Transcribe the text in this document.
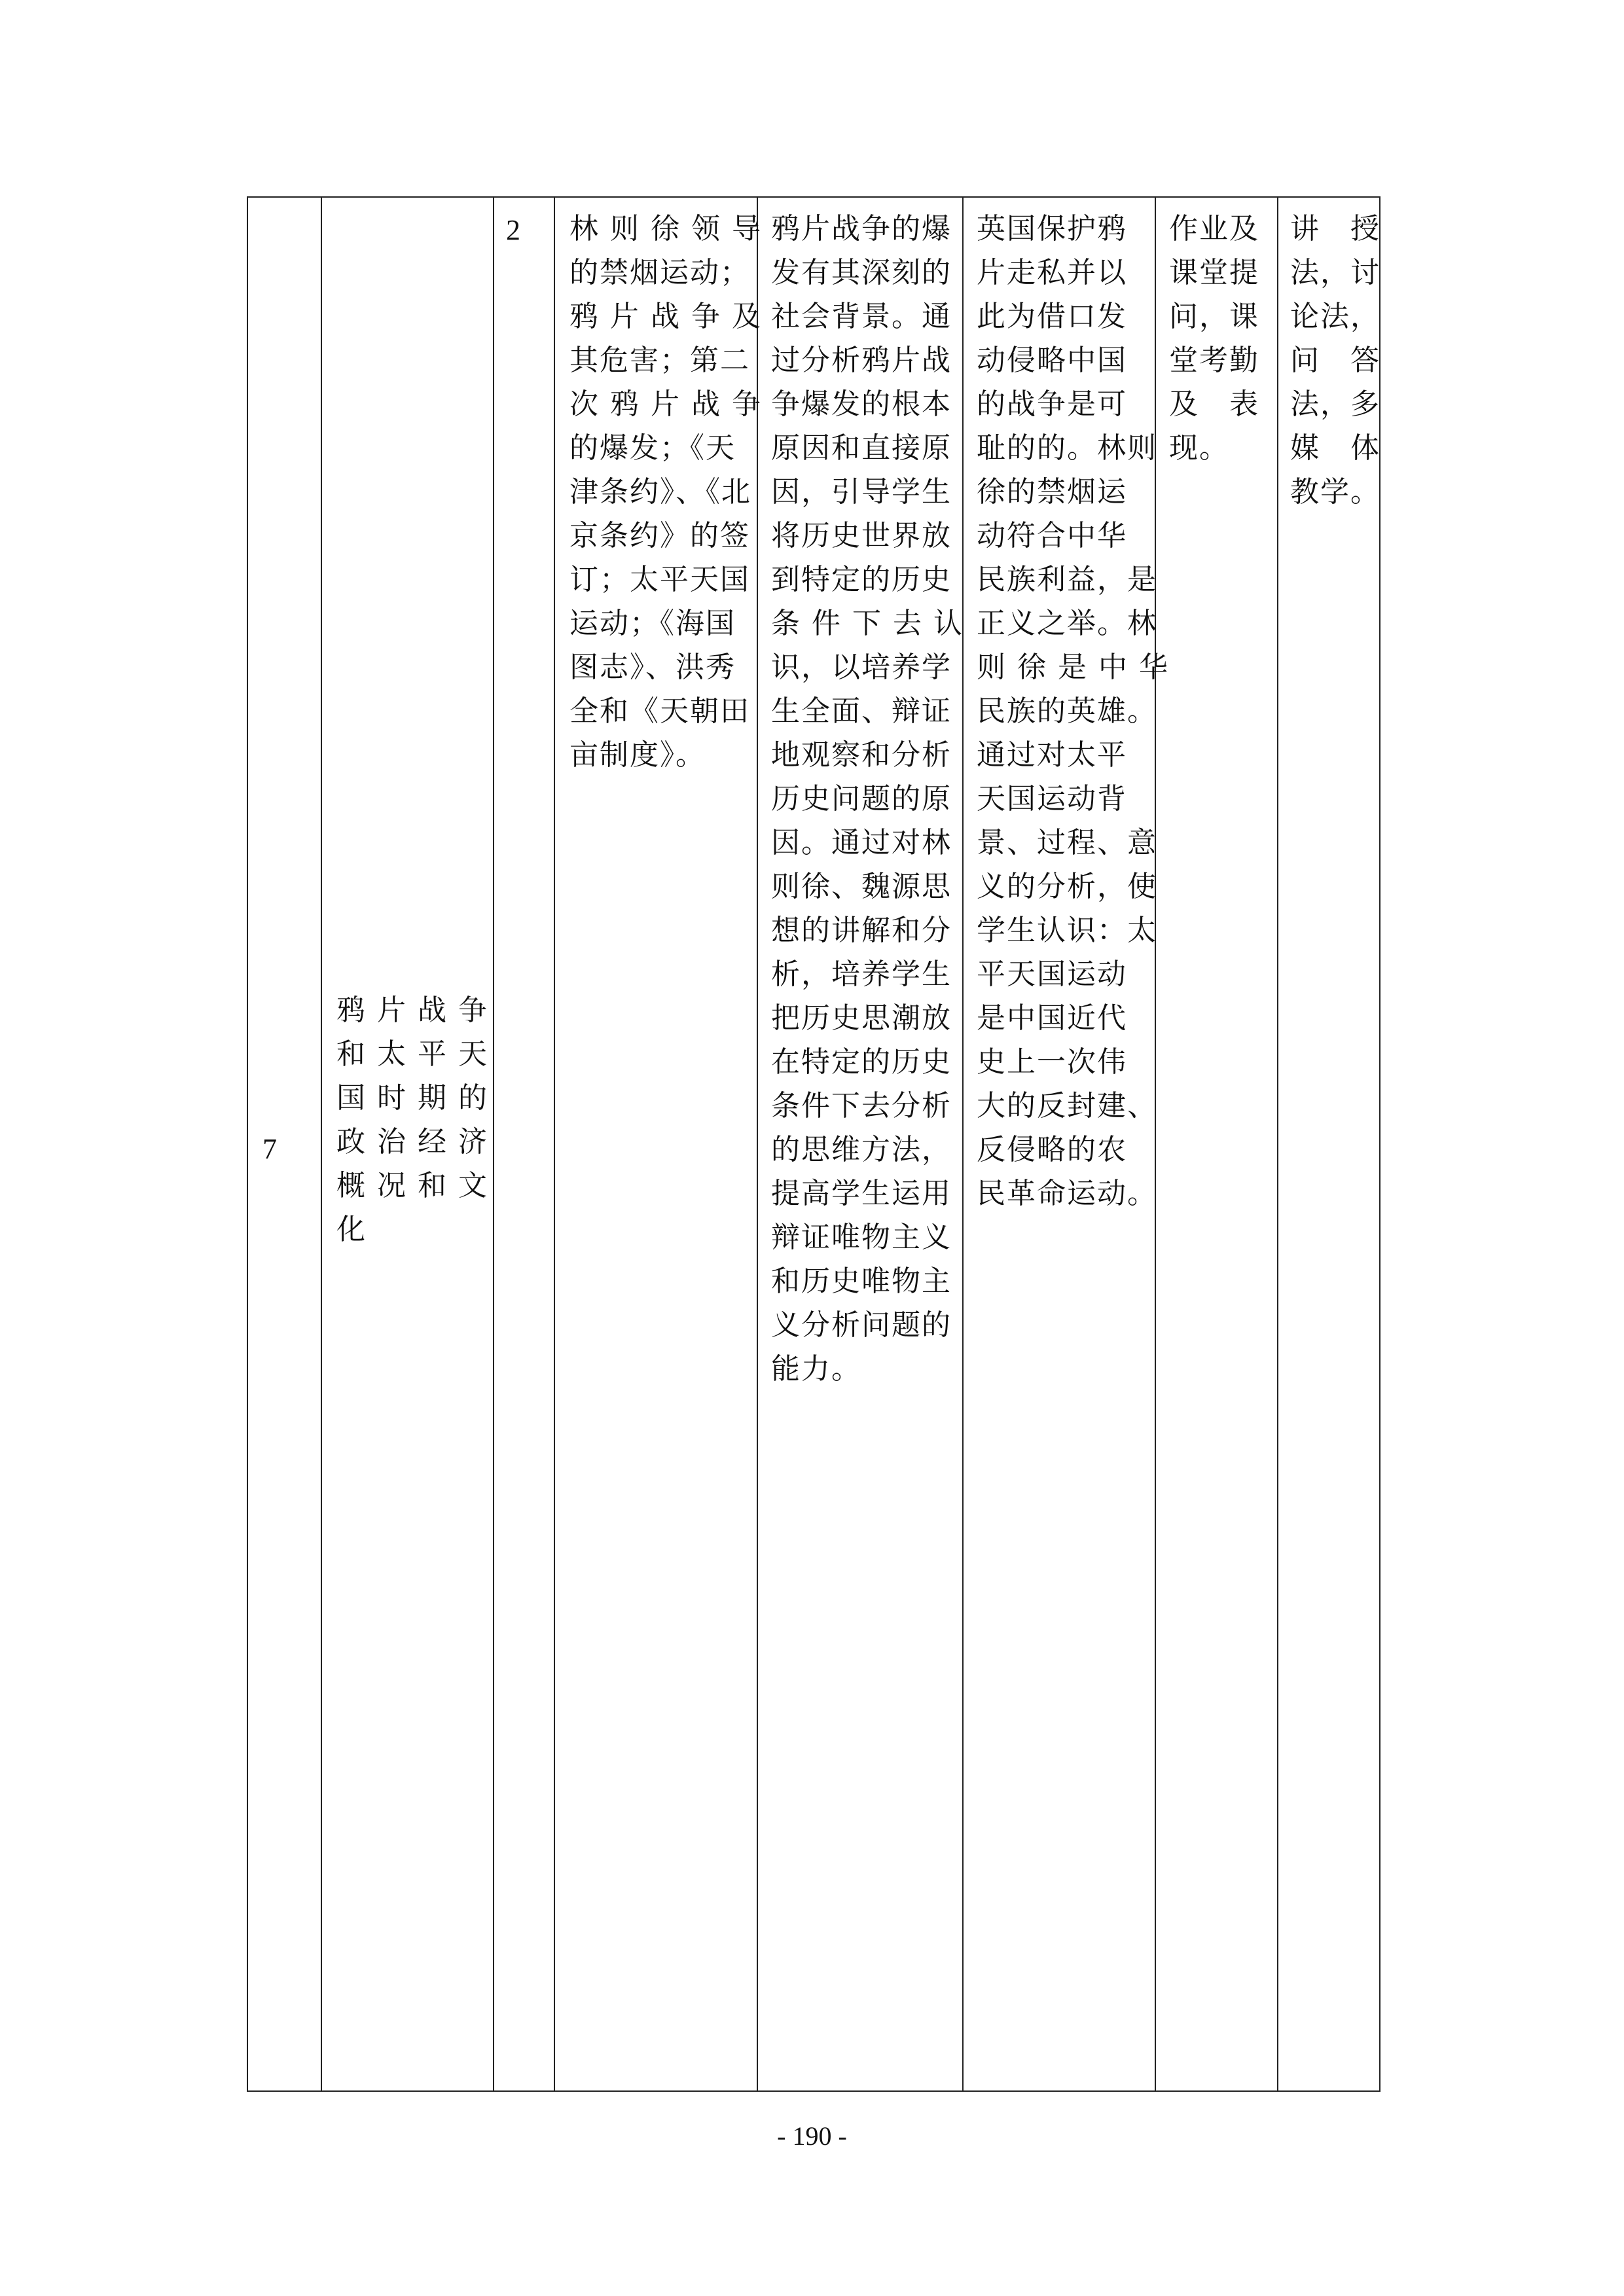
7
鸦 片 战 争
和 太 平 天
国 时 期 的
政 治 经 济
概 况 和 文
化
2 林 则 徐 领 导
的禁烟运动；
鸦 片 战 争 及
其危害；第二
次 鸦 片 战 争
的爆发；《天
津条约》、《北
京条约》的签
订；太平天国
运动；《海国
图志》、洪秀
全和《天朝田
亩制度》。
鸦片战争的爆
发有其深刻的
社会背景。通
过分析鸦片战
争爆发的根本
原因和直接原
因，引导学生
将历史世界放
到特定的历史
条 件 下 去 认
识，以培养学
生全面、辩证
地观察和分析
历史问题的原
因。通过对林
则徐、魏源思
想的讲解和分
析，培养学生
把历史思潮放
在特定的历史
条件下去分析
的思维方法，
提高学生运用
辩证唯物主义
和历史唯物主
义分析问题的
能力。
英国保护鸦
片走私并以
此为借口发
动侵略中国
的战争是可
耻的的。林则
徐的禁烟运
动符合中华
民族利益，是
正义之举。林
则 徐 是 中 华
民族的英雄。
通过对太平
天国运动背
景、过程、意
义的分析，使
学生认识：太
平天国运动
是中国近代
史上一次伟
大的反封建、
反侵略的农
民革命运动。
作业及
课堂提
问，课
堂考勤
及　表
现。
讲　授
法，讨
论法，
问　答
法，多
媒　体
教学。
- 190 -
